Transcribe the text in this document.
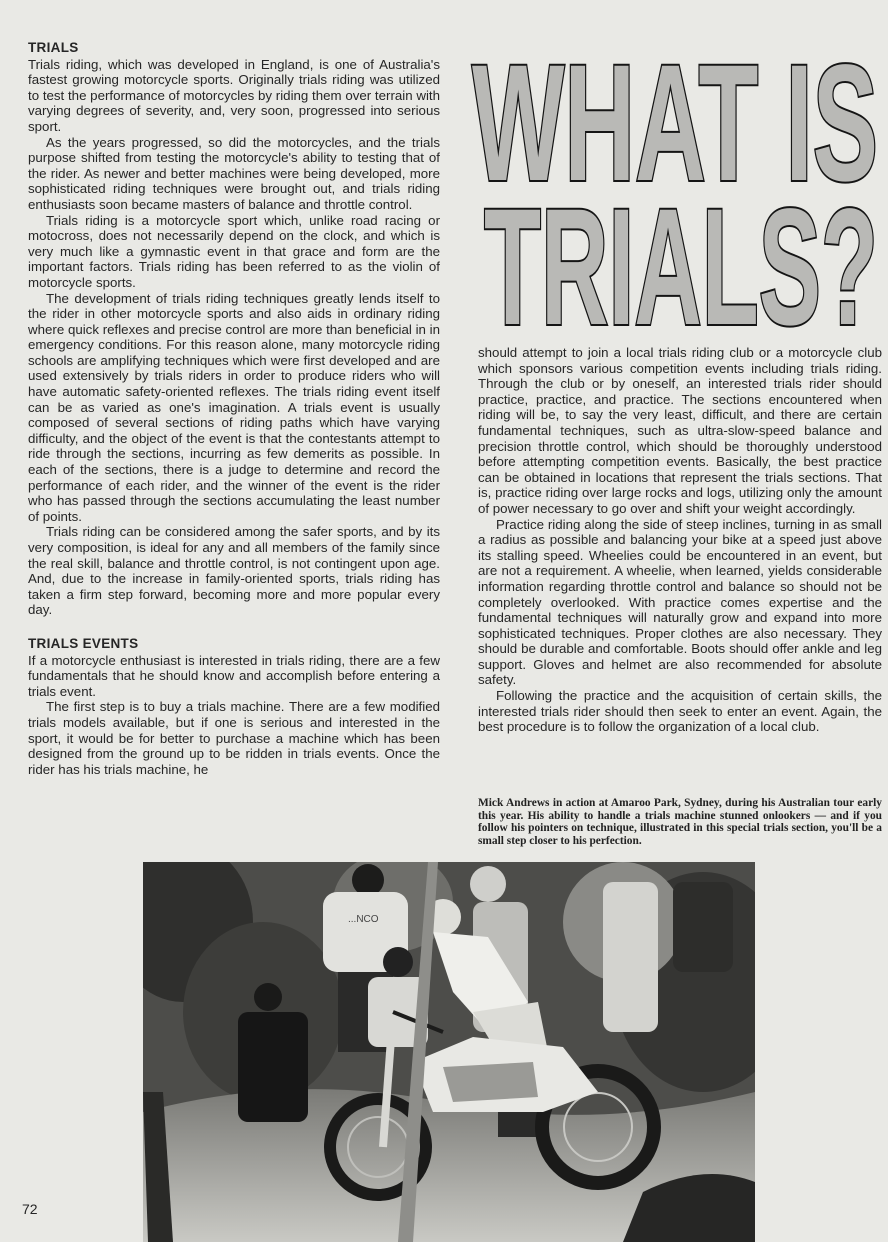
TRIALS

Trials riding, which was developed in England, is one of Australia's fastest growing motorcycle sports. Originally trials riding was utilized to test the performance of motorcycles by riding them over terrain with varying degrees of severity, and, very soon, progressed into serious sport.

As the years progressed, so did the motorcycles, and the trials purpose shifted from testing the motorcycle's ability to testing that of the rider. As newer and better machines were being developed, more sophisticated riding techniques were brought out, and trials riding enthusiasts soon became masters of balance and throttle control.

Trials riding is a motorcycle sport which, unlike road racing or motocross, does not necessarily depend on the clock, and which is very much like a gymnastic event in that grace and form are the important factors. Trials riding has been referred to as the violin of motorcycle sports.

The development of trials riding techniques greatly lends itself to the rider in other motorcycle sports and also aids in ordinary riding where quick reflexes and precise control are more than beneficial in in emergency conditions. For this reason alone, many motorcycle riding schools are amplifying techniques which were first developed and are used extensively by trials riders in order to produce riders who will have automatic safety-oriented reflexes. The trials riding event itself can be as varied as one's imagination. A trials event is usually composed of several sections of riding paths which have varying difficulty, and the object of the event is that the contestants attempt to ride through the sections, incurring as few demerits as possible. In each of the sections, there is a judge to determine and record the performance of each rider, and the winner of the event is the rider who has passed through the sections accumulating the least number of points.

Trials riding can be considered among the safer sports, and by its very composition, is ideal for any and all members of the family since the real skill, balance and throttle control, is not contingent upon age. And, due to the increase in family-oriented sports, trials riding has taken a firm step forward, becoming more and more popular every day.

TRIALS EVENTS

If a motorcycle enthusiast is interested in trials riding, there are a few fundamentals that he should know and accomplish before entering a trials event.

The first step is to buy a trials machine. There are a few modified trials models available, but if one is serious and interested in the sport, it would be for better to purchase a machine which has been designed from the ground up to be ridden in trials events. Once the rider has his trials machine, he

WHAT IS
TRIALS?

should attempt to join a local trials riding club or a motorcycle club which sponsors various competition events including trials riding. Through the club or by oneself, an interested trials rider should practice, practice, and practice. The sections encountered when riding will be, to say the very least, difficult, and there are certain fundamental techniques, such as ultra-slow-speed balance and precision throttle control, which should be thoroughly understood before attempting competition events. Basically, the best practice can be obtained in locations that represent the trials sections. That is, practice riding over large rocks and logs, utilizing only the amount of power necessary to go over and shift your weight accordingly.

Practice riding along the side of steep inclines, turning in as small a radius as possible and balancing your bike at a speed just above its stalling speed. Wheelies could be encountered in an event, but are not a requirement. A wheelie, when learned, yields considerable information regarding throttle control and balance so should not be completely overlooked. With practice comes expertise and the fundamental techniques will naturally grow and expand into more sophisticated techniques. Proper clothes are also necessary. They should be durable and comfortable. Boots should offer ankle and leg support. Gloves and helmet are also recommended for absolute safety.

Following the practice and the acquisition of certain skills, the interested trials rider should then seek to enter an event. Again, the best procedure is to follow the organization of a local club.

Mick Andrews in action at Amaroo Park, Sydney, during his Australian tour early this year. His ability to handle a trials machine stunned onlookers — and if you follow his pointers on technique, illustrated in this special trials section, you'll be a small step closer to his perfection.
...NCO
72
